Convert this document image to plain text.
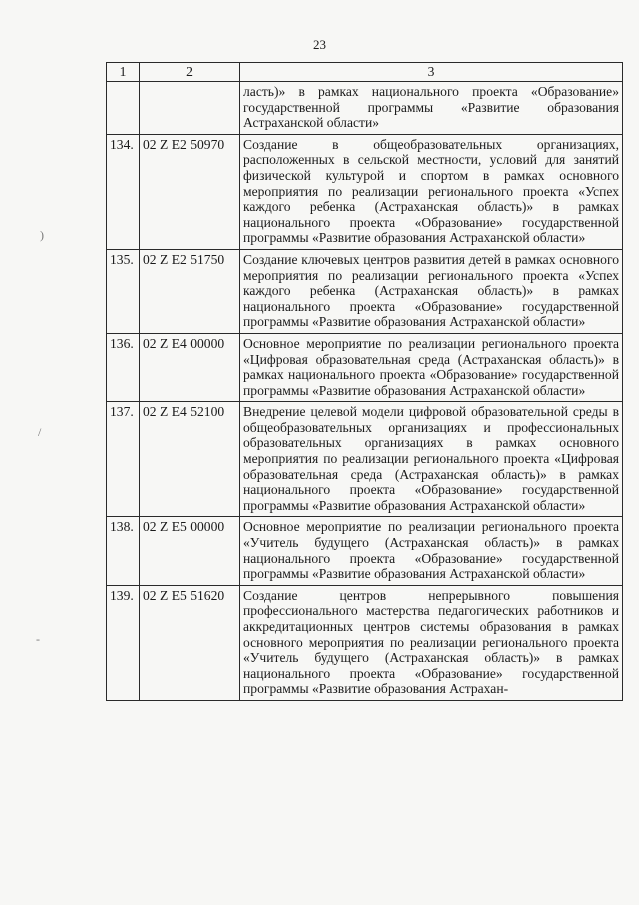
23
)
/
-
1	2	3
		ласть)» в рамках национального проекта «Образование» государственной программы «Развитие образования Астраханской области»
134.	02 Z E2 50970	Создание в общеобразовательных организациях, расположенных в сельской местности, условий для занятий физической культурой и спортом в рамках основного мероприятия по реализации регионального проекта «Успех каждого ребенка (Астраханская область)» в рамках национального проекта «Образование» государственной программы «Развитие образования Астраханской области»
135.	02 Z E2 51750	Создание ключевых центров развития детей в рамках основного мероприятия по реализации регионального проекта «Успех каждого ребенка (Астраханская область)» в рамках национального проекта «Образование» государственной программы «Развитие образования Астраханской области»
136.	02 Z E4 00000	Основное мероприятие по реализации регионального проекта «Цифровая образовательная среда (Астраханская область)» в рамках национального проекта «Образование» государственной программы «Развитие образования Астраханской области»
137.	02 Z E4 52100	Внедрение целевой модели цифровой образовательной среды в общеобразовательных организациях и профессиональных образовательных организациях в рамках основного мероприятия по реализации регионального проекта «Цифровая образовательная среда (Астраханская область)» в рамках национального проекта «Образование» государственной программы «Развитие образования Астраханской области»
138.	02 Z E5 00000	Основное мероприятие по реализации регионального проекта «Учитель будущего (Астраханская область)» в рамках национального проекта «Образование» государственной программы «Развитие образования Астраханской области»
139.	02 Z E5 51620	Создание центров непрерывного повышения профессионального мастерства педагогических работников и аккредитационных центров системы образования в рамках основного мероприятия по реализации регионального проекта «Учитель будущего (Астраханская область)» в рамках национального проекта «Образование» государственной программы «Развитие образования Астрахан-
